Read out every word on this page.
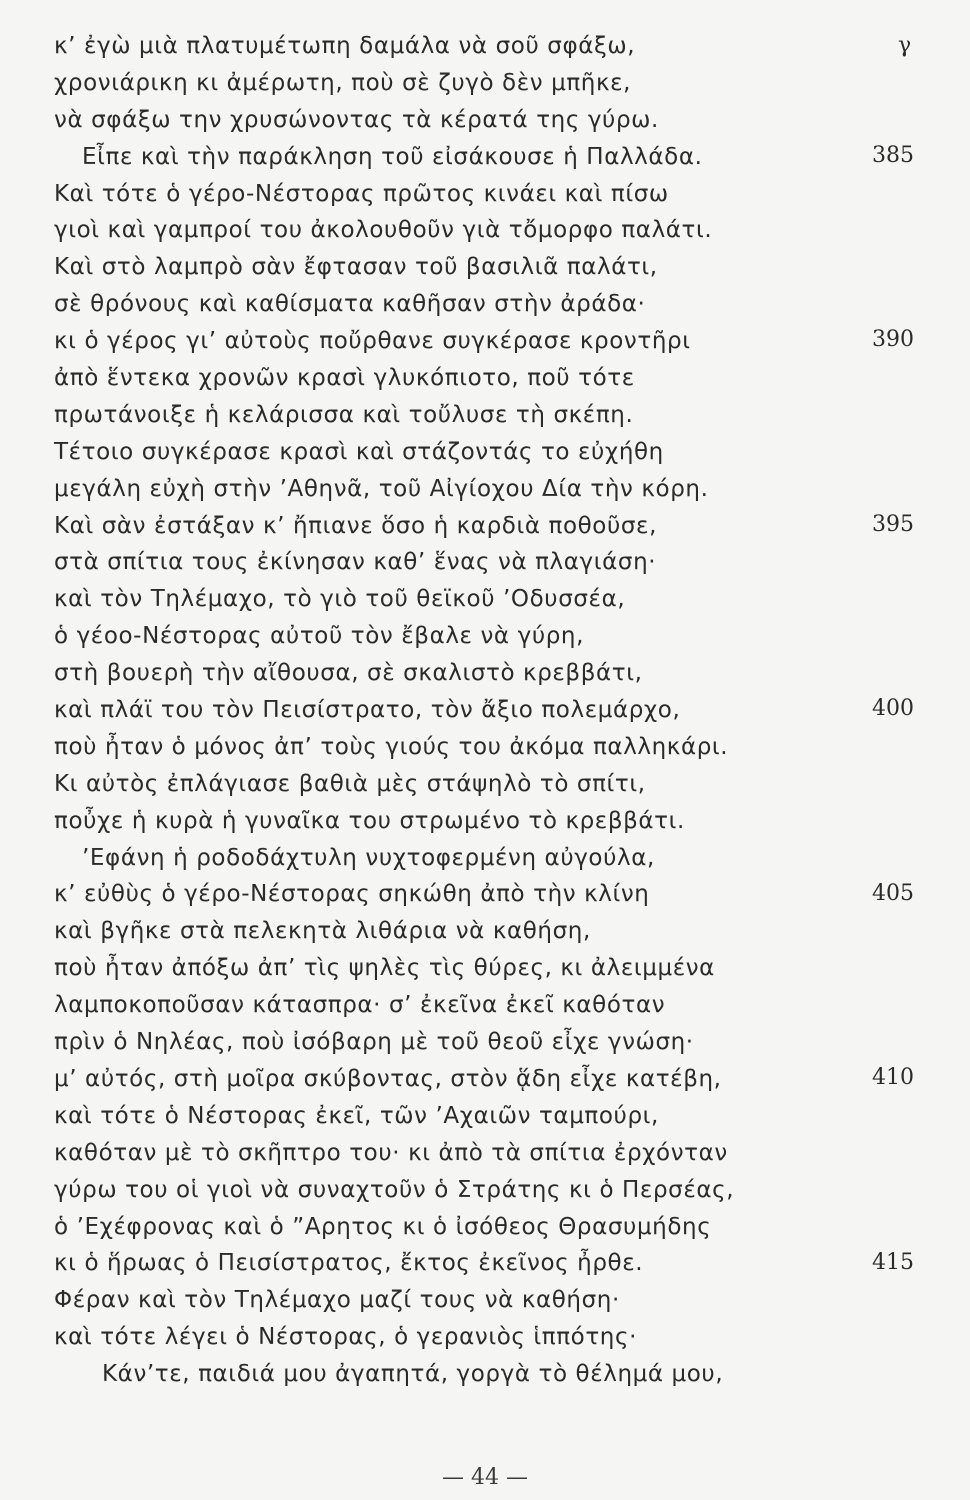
κ’ ἐγὼ μιὰ πλατυμέτωπη δαμάλα νὰ σοῦ σφάξω,
χρονιάρικη κι ἀμέρωτη, ποὺ σὲ ζυγὸ δὲν μπῆκε,
νὰ σφάξω την χρυσώνοντας τὰ κέρατά της γύρω.
Εἶπε καὶ τὴν παράκληση τοῦ εἰσάκουσε ἡ Παλλάδα.
Καὶ τότε ὁ γέρο-Νέστορας πρῶτος κινάει καὶ πίσω
γιοὶ καὶ γαμπροί του ἀκολουθοῦν γιὰ τὄμορφο παλάτι.
Καὶ στὸ λαμπρὸ σὰν ἔφτασαν τοῦ βασιλιᾶ παλάτι,
σὲ θρόνους καὶ καθίσματα καθῆσαν στὴν ἀράδα·
κι ὁ γέρος γι’ αὐτοὺς ποὔρθανε συγκέρασε κροντῆρι
ἀπὸ ἕντεκα χρονῶν κρασὶ γλυκόπιοτο, ποῦ τότε
πρωτάνοιξε ἡ κελάρισσα καὶ τοὔλυσε τὴ σκέπη.
Τέτοιο συγκέρασε κρασὶ καὶ στάζοντάς το εὐχήθη
μεγάλη εὐχὴ στὴν ’Αθηνᾶ, τοῦ Αἰγίοχου Δία τὴν κόρη.
Καὶ σὰν ἐστάξαν κ’ ἤπιανε ὅσο ἡ καρδιὰ ποθοῦσε,
στὰ σπίτια τους ἐκίνησαν καθ’ ἕνας νὰ πλαγιάση·
καὶ τὸν Τηλέμαχο, τὸ γιὸ τοῦ θεϊκοῦ ’Οδυσσέα,
ὁ γέοο-Νέστορας αὐτοῦ τὸν ἔβαλε νὰ γύρη,
στὴ βουερὴ τὴν αἴθουσα, σὲ σκαλιστὸ κρεββάτι,
καὶ πλάϊ του τὸν Πεισίστρατο, τὸν ἄξιο πολεμάρχο,
ποὺ ἦταν ὁ μόνος ἀπ’ τοὺς γιούς του ἀκόμα παλληκάρι.
Κι αὐτὸς ἐπλάγιασε βαθιὰ μὲς στάψηλὸ τὸ σπίτι,
ποὖχε ἡ κυρὰ ἡ γυναῖκα του στρωμένο τὸ κρεββάτι.
’Εφάνη ἡ ροδοδάχτυλη νυχτοφερμένη αὐγούλα,
κ’ εὐθὺς ὁ γέρο-Νέστορας σηκώθη ἀπὸ τὴν κλίνη
καὶ βγῆκε στὰ πελεκητὰ λιθάρια νὰ καθήση,
ποὺ ἦταν ἀπόξω ἀπ’ τὶς ψηλὲς τὶς θύρες, κι ἀλειμμένα
λαμποκοποῦσαν κάτασπρα· σ’ ἐκεῖνα ἐκεῖ καθόταν
πρὶν ὁ Νηλέας, ποὺ ἰσόβαρη μὲ τοῦ θεοῦ εἶχε γνώση·
μ’ αὐτός, στὴ μοῖρα σκύβοντας, στὸν ᾅδη εἶχε κατέβη,
καὶ τότε ὁ Νέστορας ἐκεῖ, τῶν ’Αχαιῶν ταμπούρι,
καθόταν μὲ τὸ σκῆπτρο του· κι ἀπὸ τὰ σπίτια ἐρχόνταν
γύρω του οἱ γιοὶ νὰ συναχτοῦν ὁ Στράτης κι ὁ Περσέας,
ὁ ’Εχέφρονας καὶ ὁ ”Αρητος κι ὁ ἰσόθεος Θρασυμήδης
κι ὁ ἥρωας ὁ Πεισίστρατος, ἔκτος ἐκεῖνος ἦρθε.
Φέραν καὶ τὸν Τηλέμαχο μαζί τους νὰ καθήση·
καὶ τότε λέγει ὁ Νέστορας, ὁ γερανιὸς ἱππότης·
Κάν’τε, παιδιά μου ἀγαπητά, γοργὰ τὸ θέλημά μου,
γ
385
390
395
400
405
410
415
— 44 —
